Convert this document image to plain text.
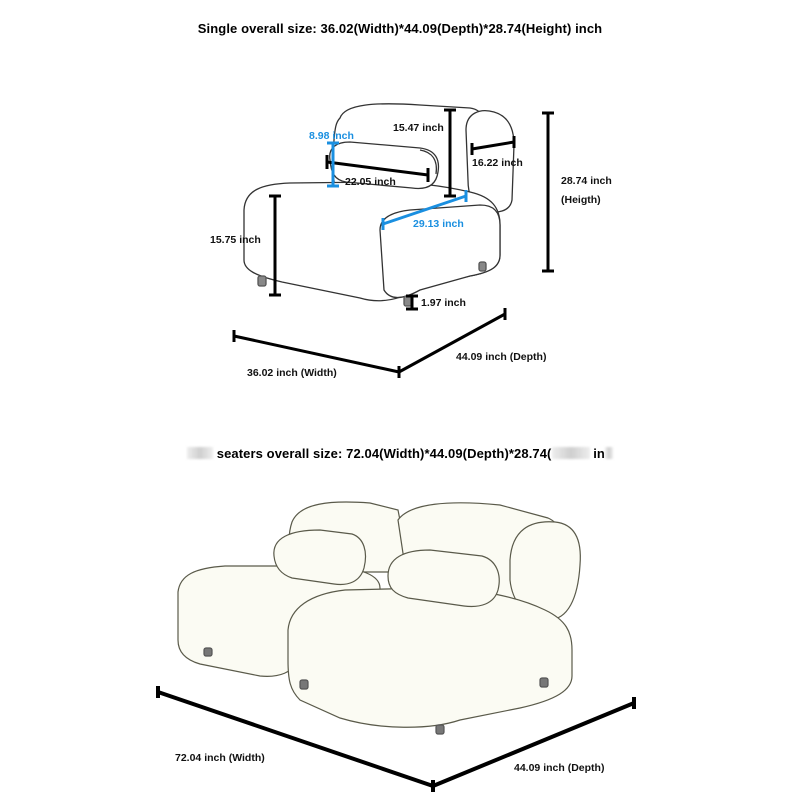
Single overall size: 36.02(Width)*44.09(Depth)*28.74(Height) inch
seaters overall size: 72.04(Width)*44.09(Depth)*28.74(	in
8.98 inch
22.05 inch
15.47 inch
16.22 inch
28.74 inch
(Heigth)
29.13 inch
15.75 inch
1.97 inch
36.02 inch (Width)
44.09 inch (Depth)
72.04 inch (Width)
44.09 inch (Depth)
